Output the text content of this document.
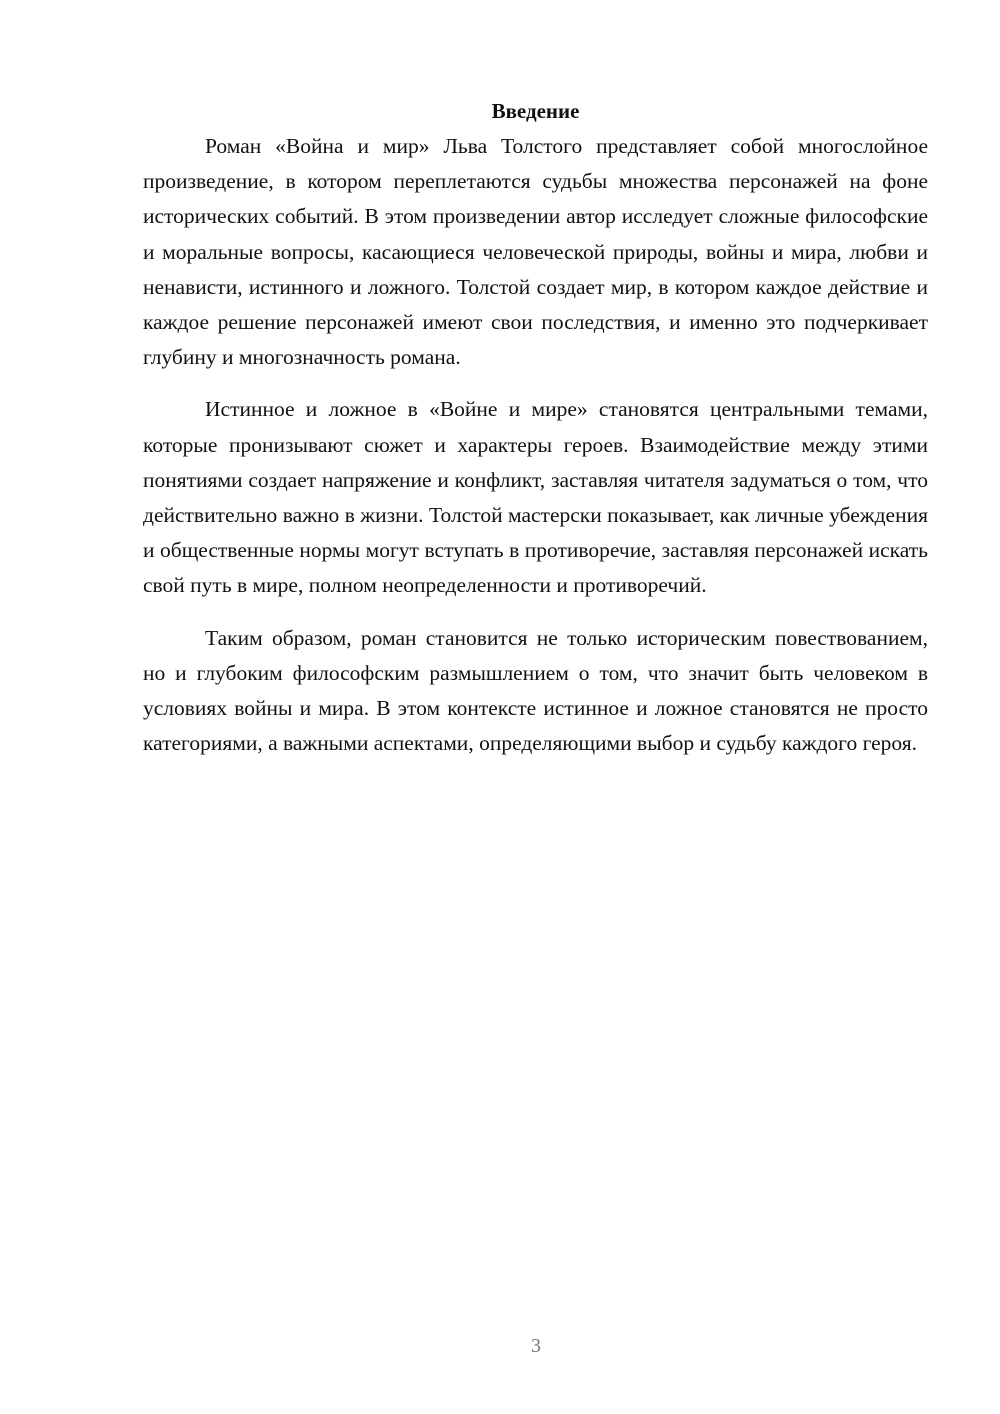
Введение

Роман «Война и мир» Льва Толстого представляет собой многослойное произведение, в котором переплетаются судьбы множества персонажей на фоне исторических событий. В этом произведении автор исследует сложные философские и моральные вопросы, касающиеся человеческой природы, войны и мира, любви и ненависти, истинного и ложного. Толстой создает мир, в котором каждое действие и каждое решение персонажей имеют свои последствия, и именно это подчеркивает глубину и многозначность романа.

Истинное и ложное в «Войне и мире» становятся центральными темами, которые пронизывают сюжет и характеры героев. Взаимодействие между этими понятиями создает напряжение и конфликт, заставляя читателя задуматься о том, что действительно важно в жизни. Толстой мастерски показывает, как личные убеждения и общественные нормы могут вступать в противоречие, заставляя персонажей искать свой путь в мире, полном неопределенности и противоречий.

Таким образом, роман становится не только историческим повествованием, но и глубоким философским размышлением о том, что значит быть человеком в условиях войны и мира. В этом контексте истинное и ложное становятся не просто категориями, а важными аспектами, определяющими выбор и судьбу каждого героя.

3
